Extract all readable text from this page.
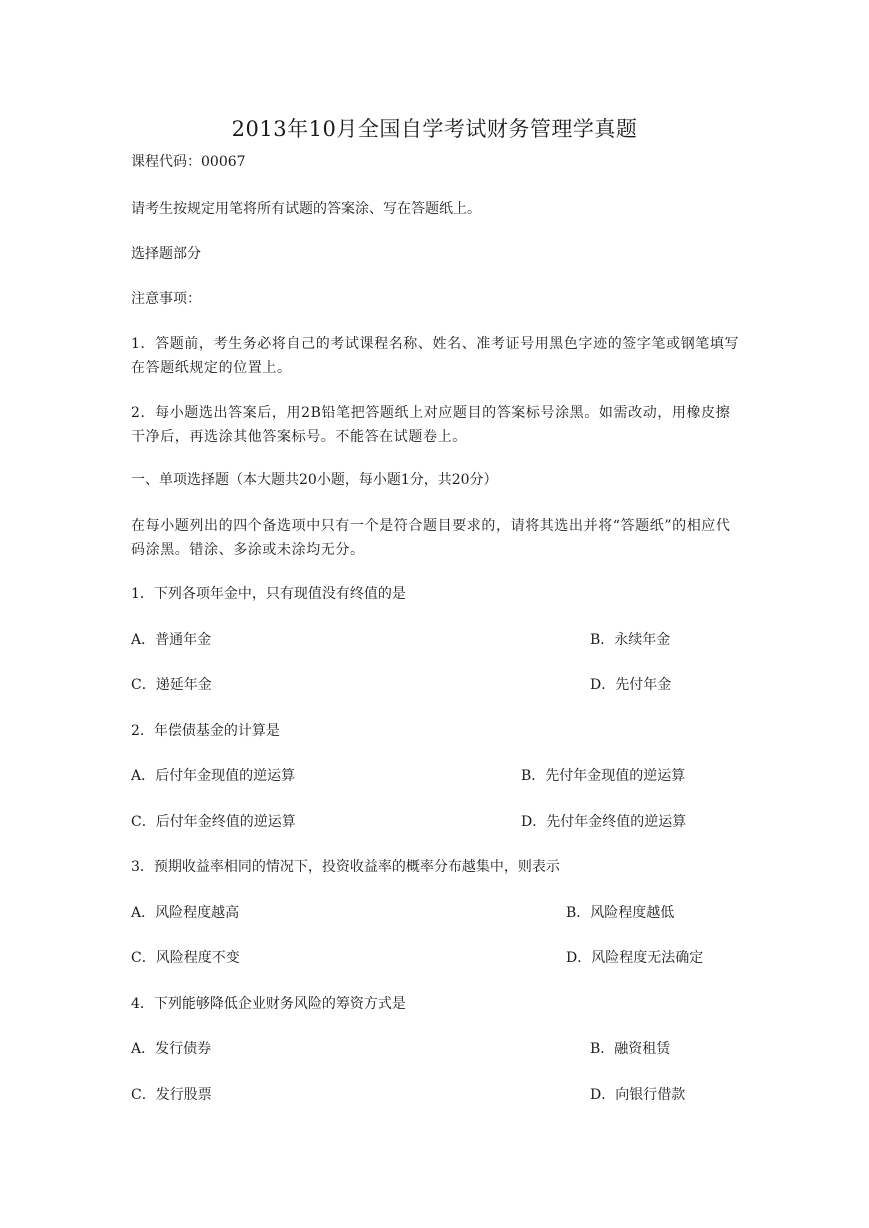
2013年10月全国自学考试财务管理学真题
课程代码：00067
请考生按规定用笔将所有试题的答案涂、写在答题纸上。
选择题部分
注意事项：
1．答题前，考生务必将自己的考试课程名称、姓名、准考证号用黑色字迹的签字笔或钢笔填写在答题纸规定的位置上。
2．每小题选出答案后，用2B铅笔把答题纸上对应题目的答案标号涂黑。如需改动，用橡皮擦干净后，再选涂其他答案标号。不能答在试题卷上。
一、单项选择题（本大题共20小题，每小题1分，共20分）
在每小题列出的四个备选项中只有一个是符合题目要求的，请将其选出并将“答题纸”的相应代码涂黑。错涂、多涂或未涂均无分。
1．下列各项年金中，只有现值没有终值的是
A．普通年金	B．永续年金
C．递延年金	D．先付年金
2．年偿债基金的计算是
A．后付年金现值的逆运算	B．先付年金现值的逆运算
C．后付年金终值的逆运算	D．先付年金终值的逆运算
3．预期收益率相同的情况下，投资收益率的概率分布越集中，则表示
A．风险程度越高	B．风险程度越低
C．风险程度不变	D．风险程度无法确定
4．下列能够降低企业财务风险的筹资方式是
A．发行债券	B．融资租赁
C．发行股票	D．向银行借款
